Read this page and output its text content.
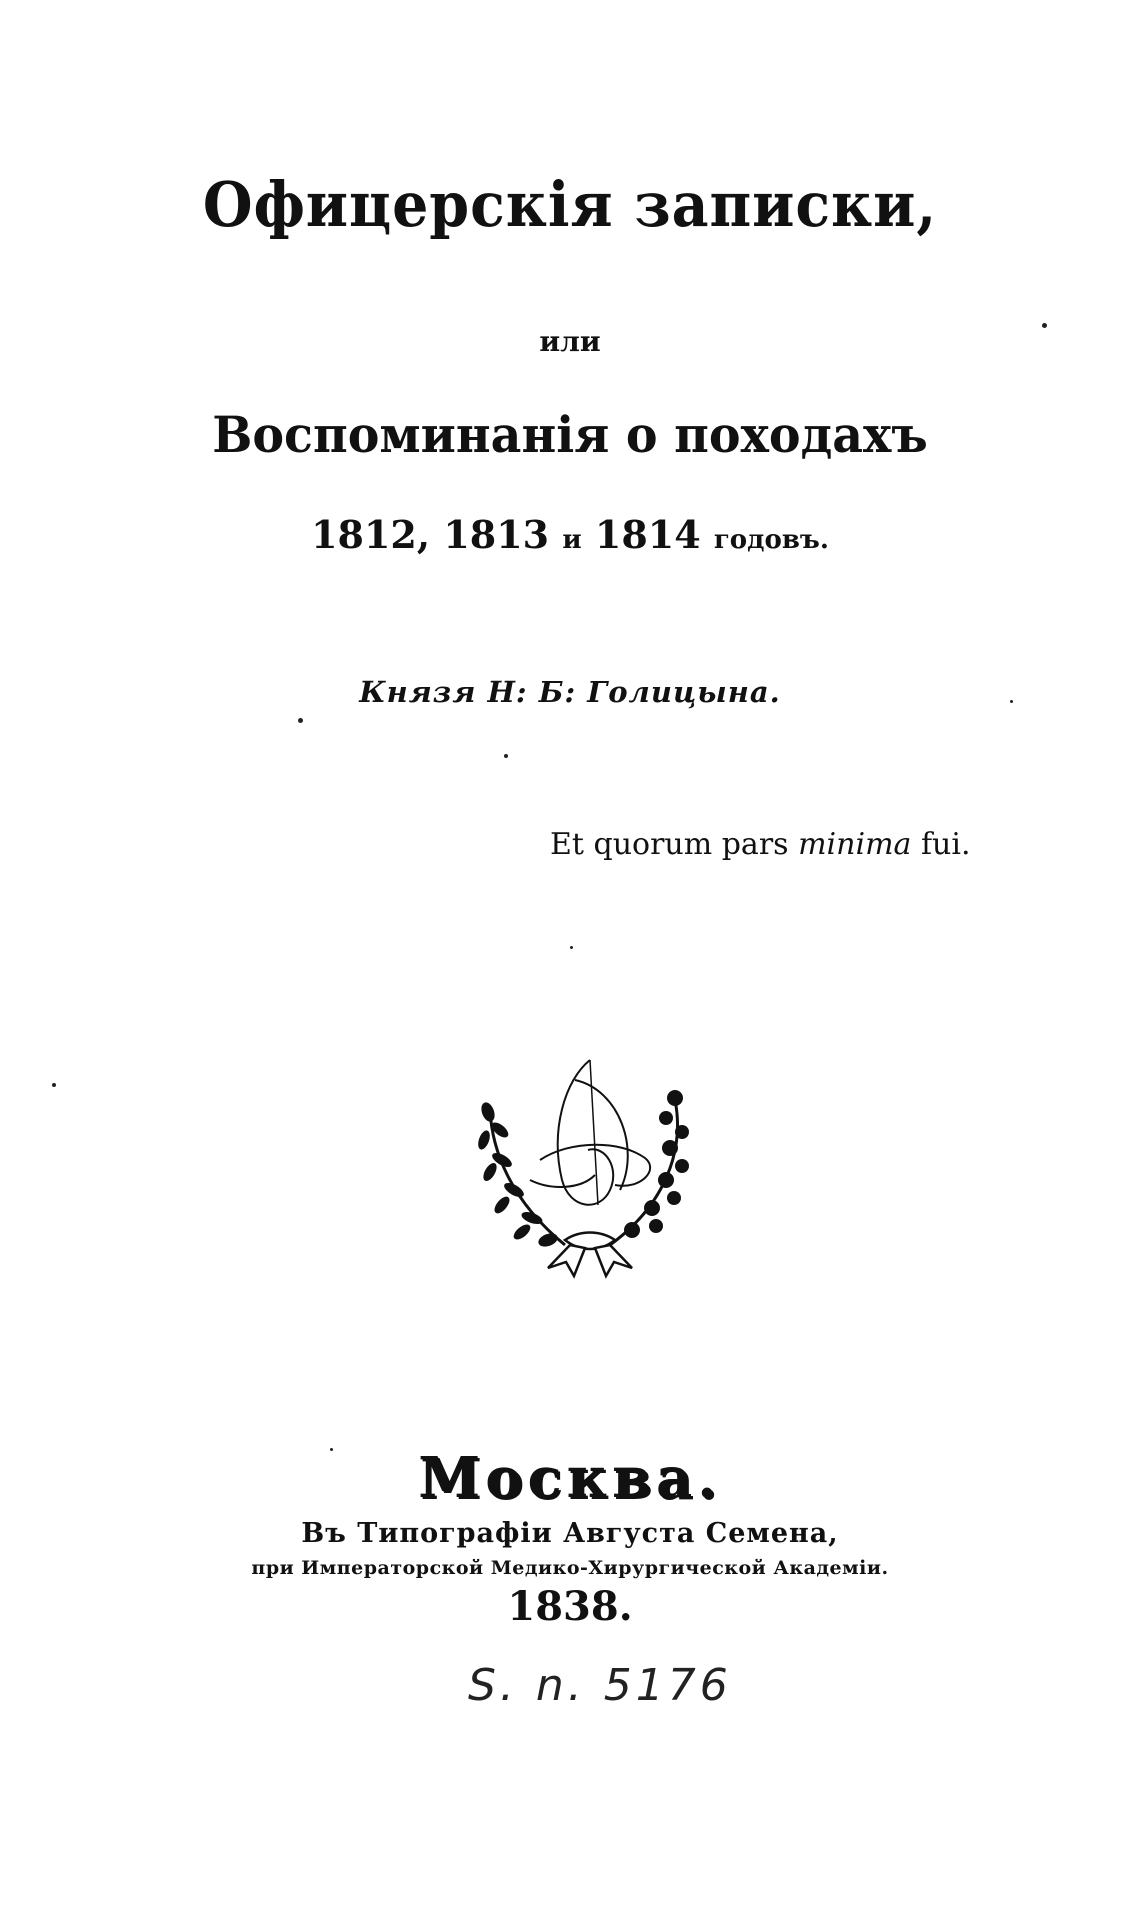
Офицерскія записки,
или
Воспоминанія о походахъ
1812, 1813 и 1814 годовъ.
Князя Н: Б: Голицына.
Et quorum pars minima fui.
Москва.
Въ Типографіи Августа Семена,
при Императорской Медико-Хирургической Академіи.
1838.
S. n. 5176
